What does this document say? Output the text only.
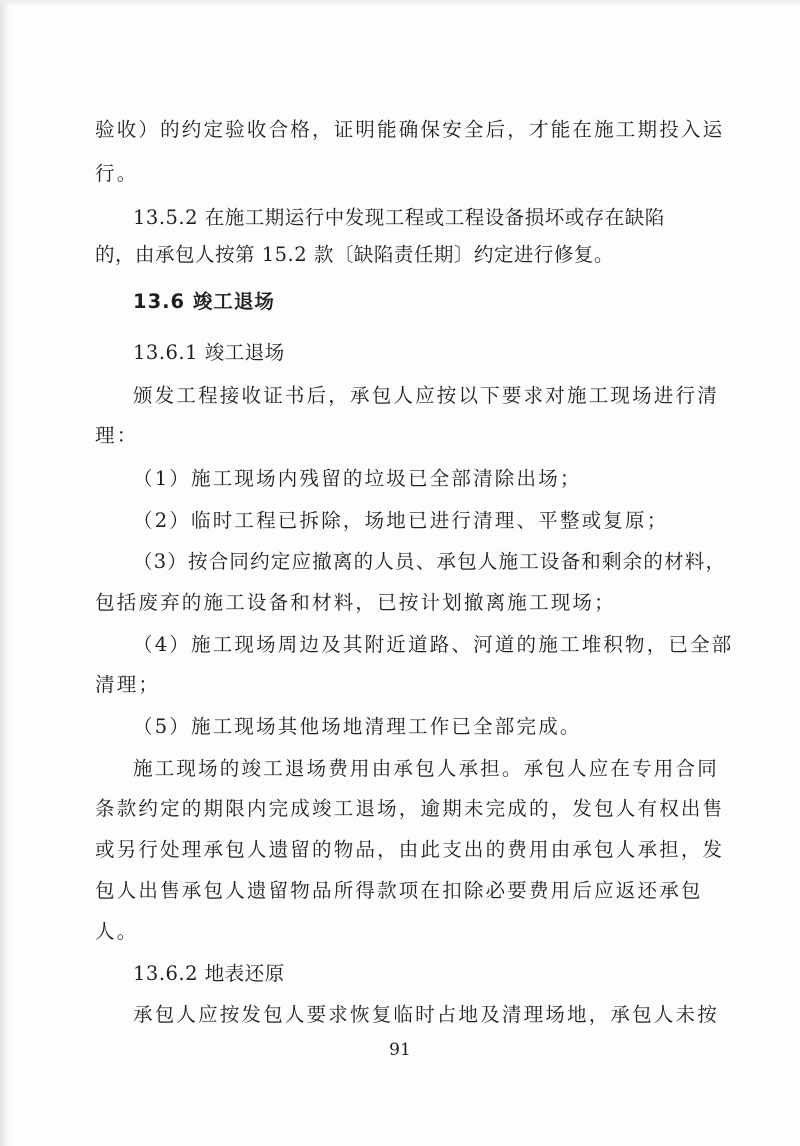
验收）的约定验收合格，证明能确保安全后，才能在施工期投入运
行。
13.5.2 在施工期运行中发现工程或工程设备损坏或存在缺陷
的，由承包人按第 15.2 款〔缺陷责任期〕约定进行修复。
13.6 竣工退场
13.6.1 竣工退场
颁发工程接收证书后，承包人应按以下要求对施工现场进行清
理：
（1）施工现场内残留的垃圾已全部清除出场；
（2）临时工程已拆除，场地已进行清理、平整或复原；
（3）按合同约定应撤离的人员、承包人施工设备和剩余的材料，
包括废弃的施工设备和材料，已按计划撤离施工现场；
（4）施工现场周边及其附近道路、河道的施工堆积物，已全部
清理；
（5）施工现场其他场地清理工作已全部完成。
施工现场的竣工退场费用由承包人承担。承包人应在专用合同
条款约定的期限内完成竣工退场，逾期未完成的，发包人有权出售
或另行处理承包人遗留的物品，由此支出的费用由承包人承担，发
包人出售承包人遗留物品所得款项在扣除必要费用后应返还承包
人。
13.6.2 地表还原
承包人应按发包人要求恢复临时占地及清理场地，承包人未按
91
